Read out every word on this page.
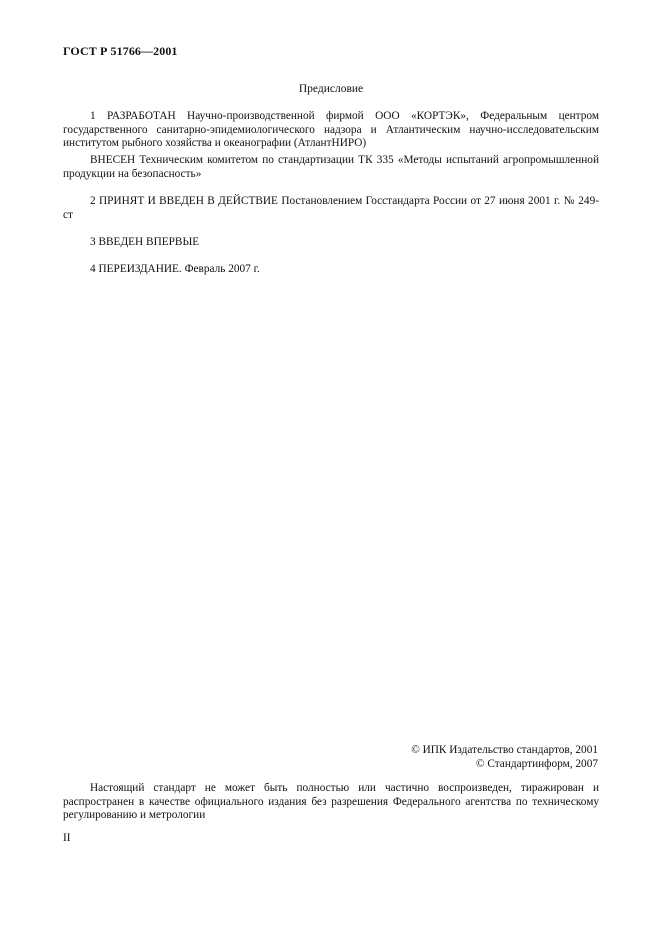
ГОСТ Р 51766—2001
Предисловие
1 РАЗРАБОТАН Научно-производственной фирмой ООО «КОРТЭК», Федеральным центром государственного санитарно-эпидемиологического надзора и Атлантическим научно-исследовательским институтом рыбного хозяйства и океанографии (АтлантНИРО)
ВНЕСЕН Техническим комитетом по стандартизации ТК 335 «Методы испытаний агропромышленной продукции на безопасность»
2 ПРИНЯТ И ВВЕДЕН В ДЕЙСТВИЕ Постановлением Госстандарта России от 27 июня 2001 г. № 249-ст
3 ВВЕДЕН ВПЕРВЫЕ
4 ПЕРЕИЗДАНИЕ. Февраль 2007 г.
© ИПК Издательство стандартов, 2001
© Стандартинформ, 2007
Настоящий стандарт не может быть полностью или частично воспроизведен, тиражирован и распространен в качестве официального издания без разрешения Федерального агентства по техническому регулированию и метрологии
II
